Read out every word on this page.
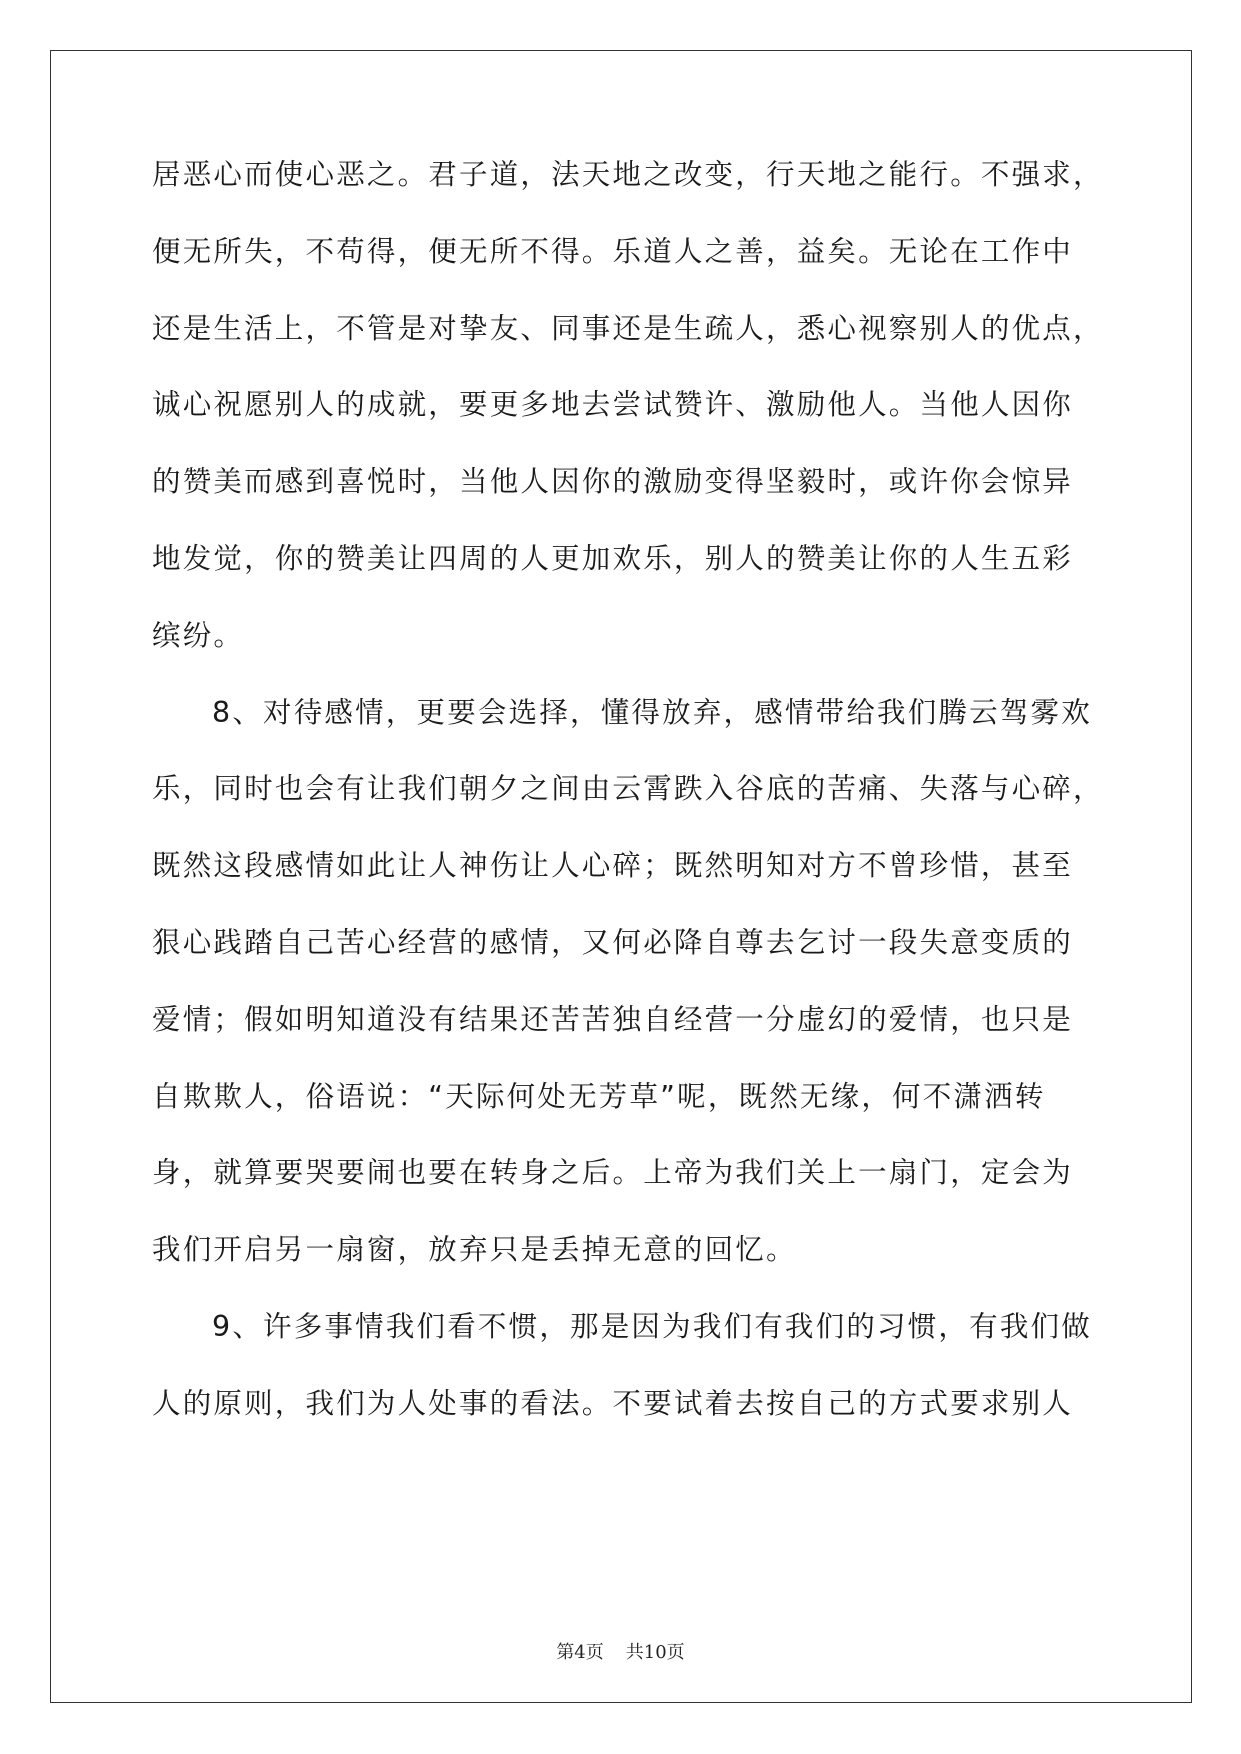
居恶心而使心恶之。君子道，法天地之改变，行天地之能行。不强求，
便无所失，不苟得，便无所不得。乐道人之善，益矣。无论在工作中
还是生活上，不管是对挚友、同事还是生疏人，悉心视察别人的优点，
诚心祝愿别人的成就，要更多地去尝试赞许、激励他人。当他人因你
的赞美而感到喜悦时，当他人因你的激励变得坚毅时，或许你会惊异
地发觉，你的赞美让四周的人更加欢乐，别人的赞美让你的人生五彩
缤纷。
8、对待感情，更要会选择，懂得放弃，感情带给我们腾云驾雾欢
乐，同时也会有让我们朝夕之间由云霄跌入谷底的苦痛、失落与心碎，
既然这段感情如此让人神伤让人心碎；既然明知对方不曾珍惜，甚至
狠心践踏自己苦心经营的感情，又何必降自尊去乞讨一段失意变质的
爱情；假如明知道没有结果还苦苦独自经营一分虚幻的爱情，也只是
自欺欺人，俗语说：“天际何处无芳草”呢，既然无缘，何不潇洒转
身，就算要哭要闹也要在转身之后。上帝为我们关上一扇门，定会为
我们开启另一扇窗，放弃只是丢掉无意的回忆。
9、许多事情我们看不惯，那是因为我们有我们的习惯，有我们做
人的原则，我们为人处事的看法。不要试着去按自己的方式要求别人
第4页 共10页
